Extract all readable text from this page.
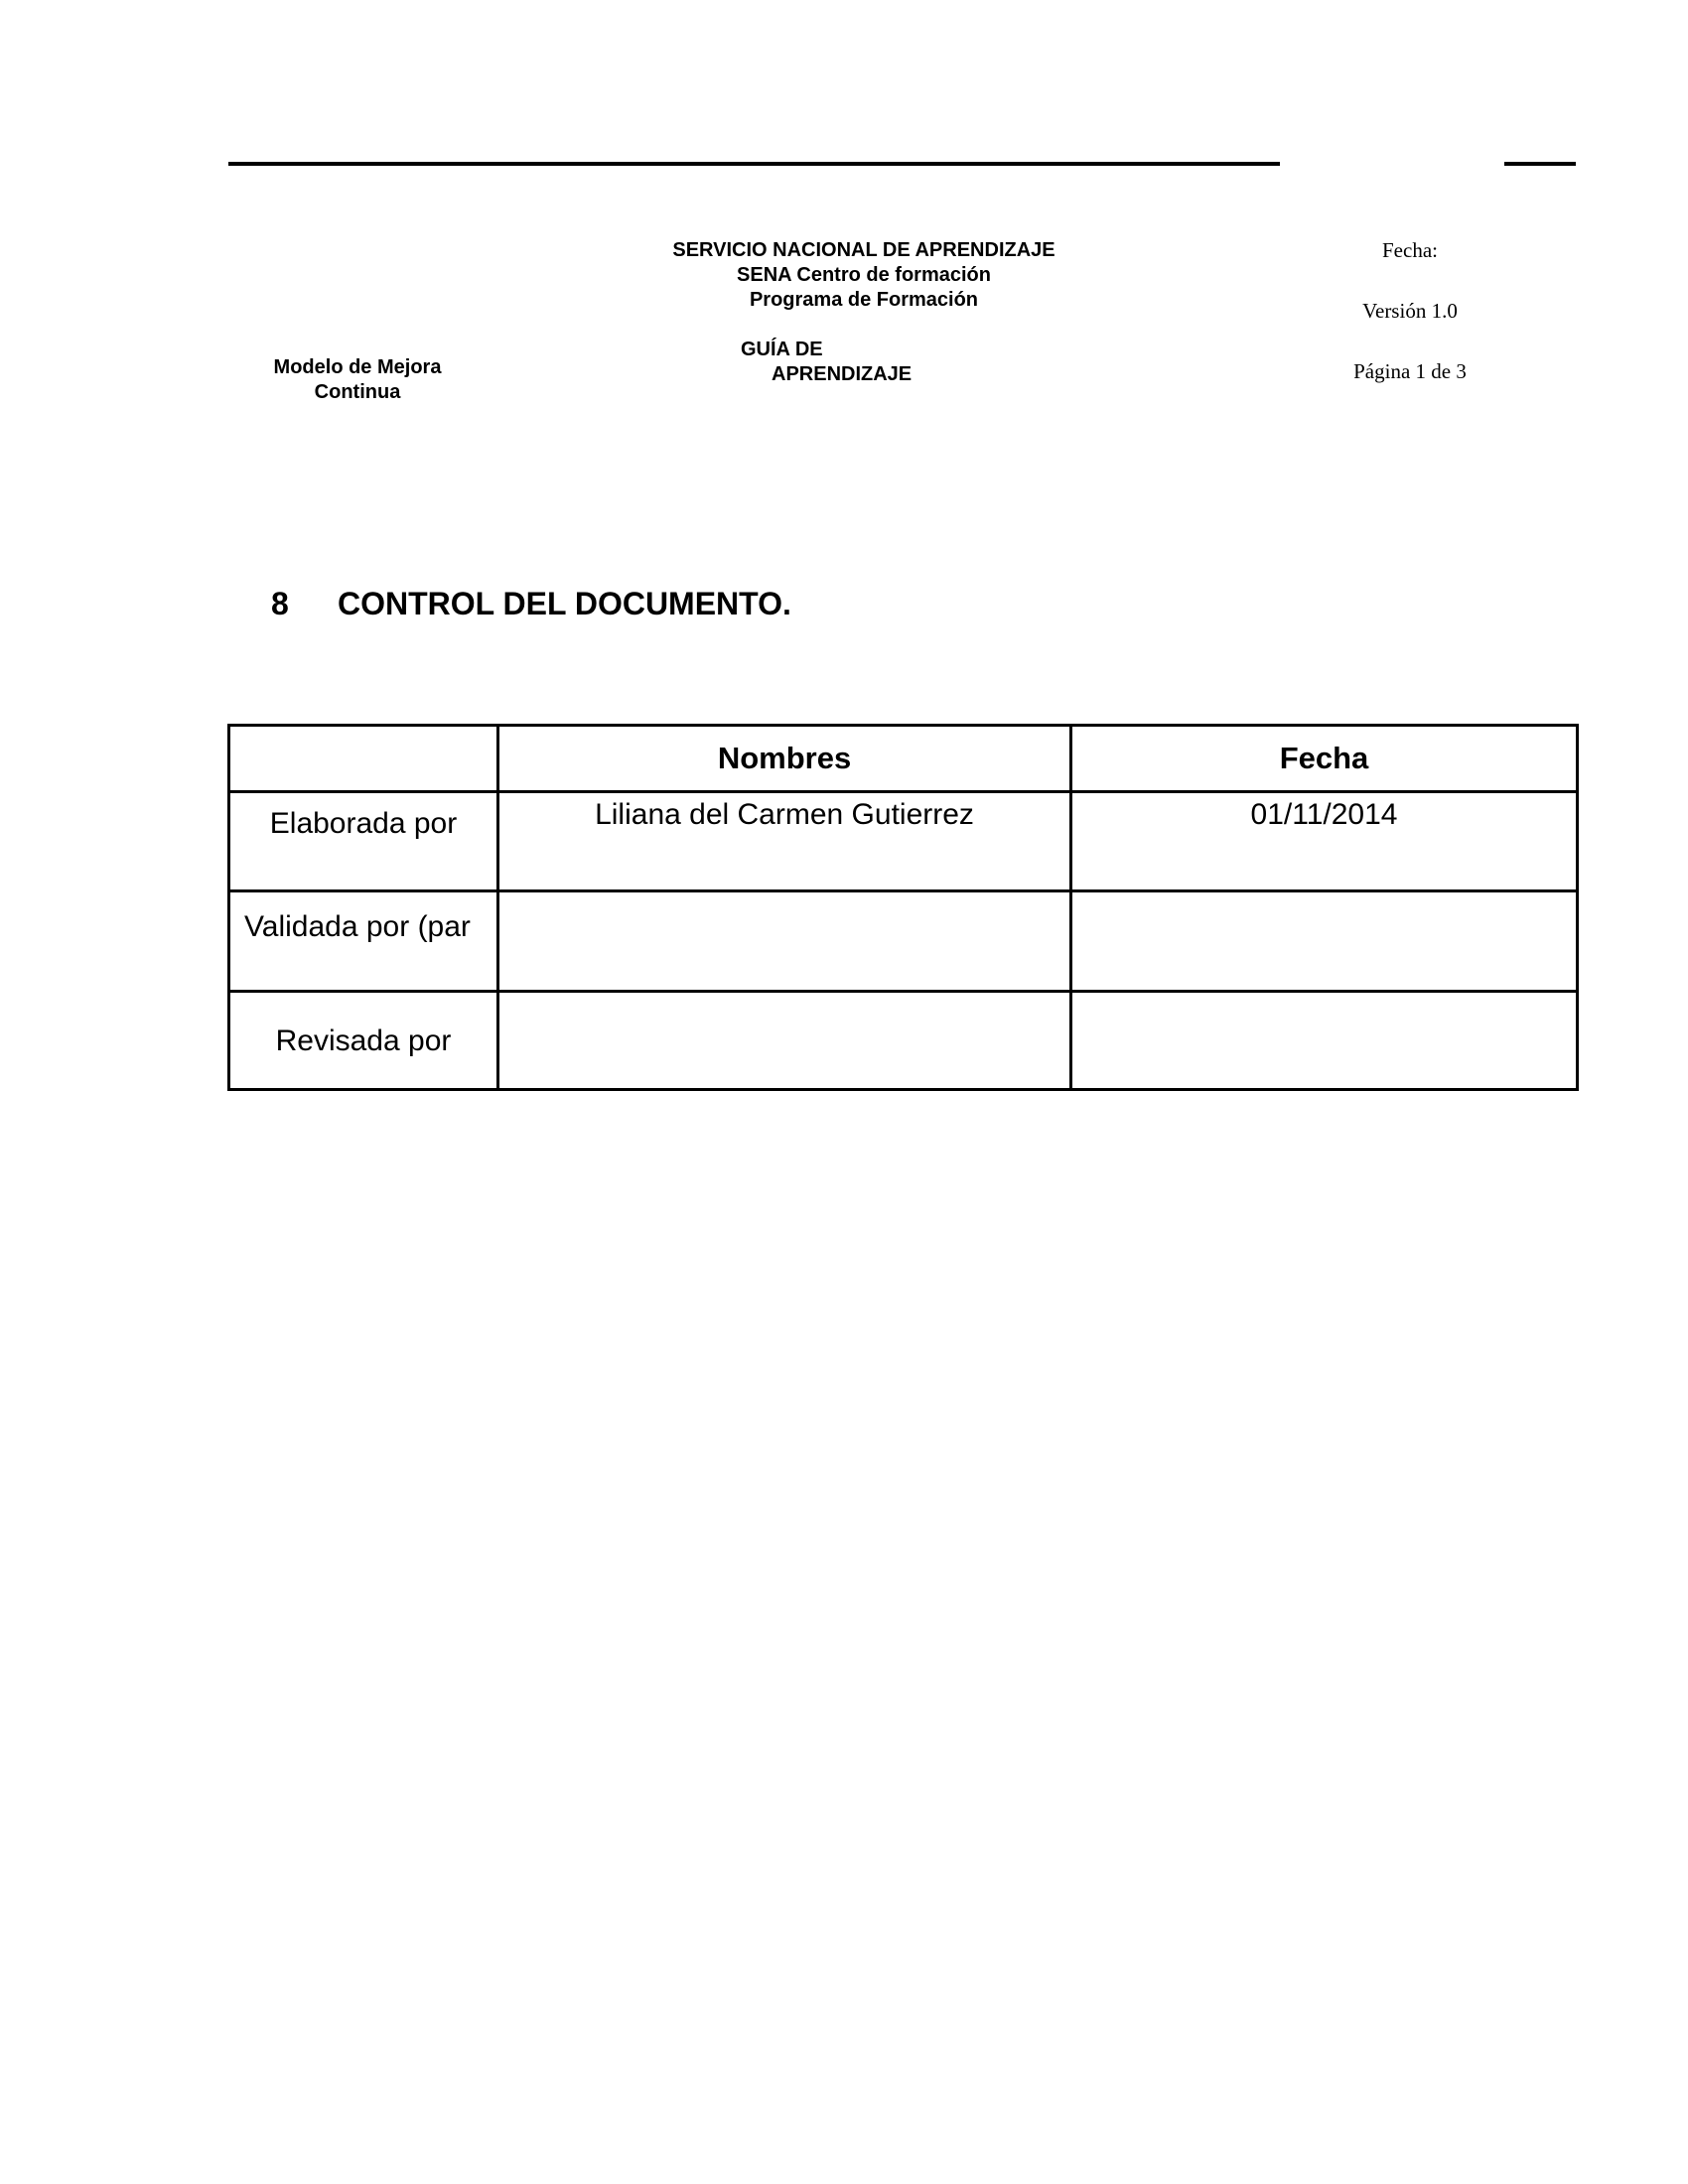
SERVICIO NACIONAL DE APRENDIZAJE
SENA Centro de formación
Programa de Formación
GUÍA DE
APRENDIZAJE
Modelo de Mejora
Continua
Fecha:
Versión 1.0
Página 1 de 3
8 CONTROL DEL DOCUMENTO.

	Nombres	Fecha

Elaborada por	Liliana del Carmen Gutierrez	01/11/2014

Validada por (par		

Revisada por		
